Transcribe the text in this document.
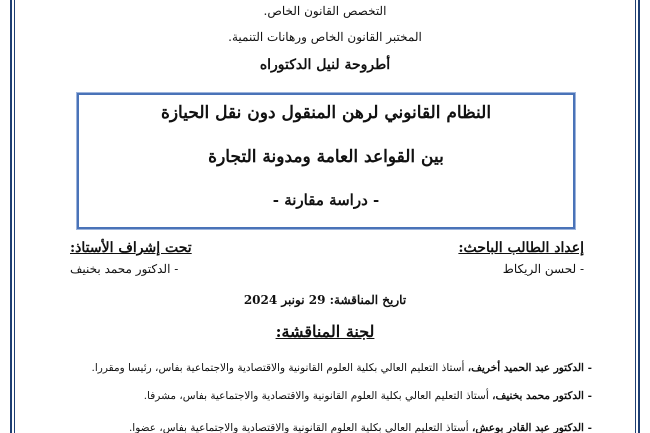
التخصص القانون الخاص.
المختبر القانون الخاص ورهانات التنمية.
أطروحة لنيل الدكتوراه
النظام القانوني لرهن المنقول دون نقل الحيازة
بين القواعد العامة ومدونة التجارة
- دراسة مقارنة -
إعداد الطالب الباحث:
- لحسن الريكاط
تحت إشراف الأستاذ:
- الدكتور محمد بخنيف
تاريخ المناقشة: 29 نونبر 2024
لجنة المناقشة:
- الدكتور عبد الحميد أخريف، أستاذ التعليم العالي بكلية العلوم القانونية والاقتصادية والاجتماعية بفاس، رئيسا ومقررا.
- الدكتور محمد بخنيف، أستاذ التعليم العالي بكلية العلوم القانونية والاقتصادية والاجتماعية بفاس، مشرفا.
- الدكتور عبد القادر بوعش، أستاذ التعليم العالي بكلية العلوم القانونية والاقتصادية والاجتماعية بفاس، عضوا.
